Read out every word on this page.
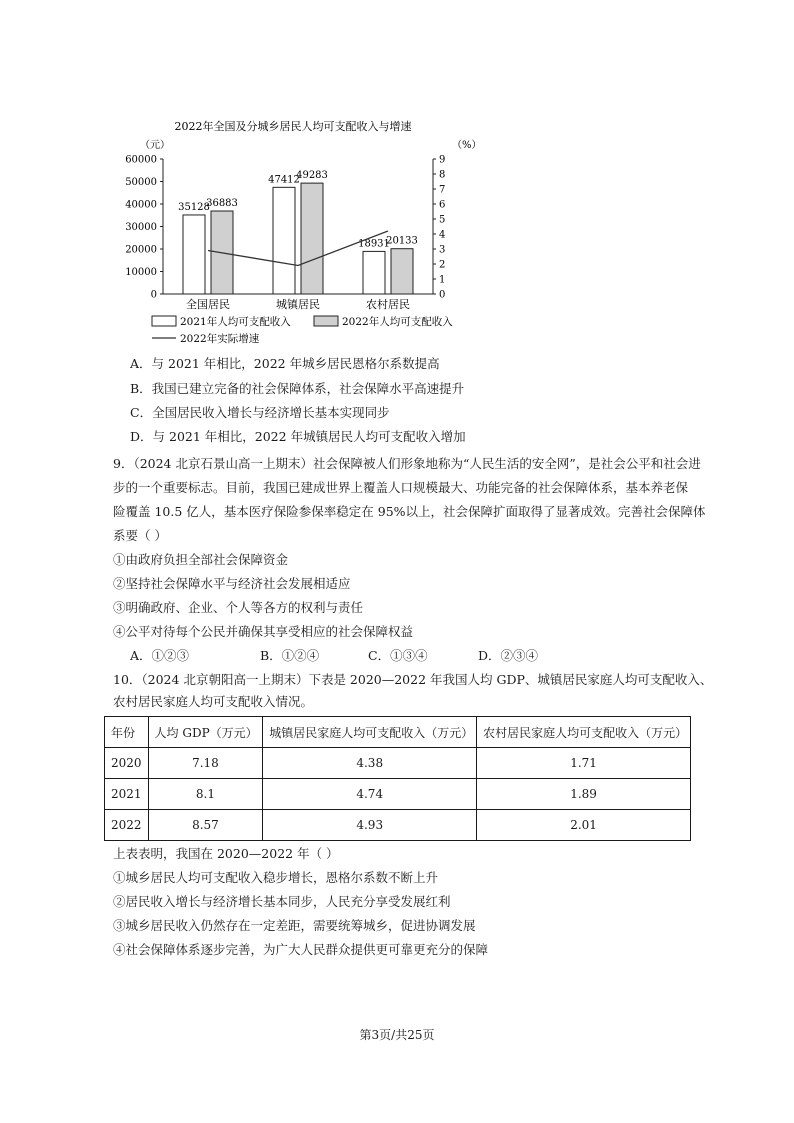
2022年全国及分城乡居民人均可支配收入与增速
（元）	（%）
0
10000
20000
30000
40000
50000
60000
0
1
2
3
4
5
6
7
8
9
35128
36883
全国居民
47412
49283
城镇居民
18931
20133
农村居民
2021年人均可支配收入	2022年人均可支配收入
2022年实际增速
A．与 2021 年相比，2022 年城乡居民恩格尔系数提高
B．我国已建立完备的社会保障体系，社会保障水平高速提升
C．全国居民收入增长与经济增长基本实现同步
D．与 2021 年相比，2022 年城镇居民人均可支配收入增加
9．（2024 北京石景山高一上期末）社会保障被人们形象地称为“人民生活的安全网”，是社会公平和社会进
步的一个重要标志。目前，我国已建成世界上覆盖人口规模最大、功能完备的社会保障体系，基本养老保
险覆盖 10.5 亿人，基本医疗保险参保率稳定在 95%以上，社会保障扩面取得了显著成效。完善社会保障体
系要（ ）
①由政府负担全部社会保障资金
②坚持社会保障水平与经济社会发展相适应
③明确政府、企业、个人等各方的权利与责任
④公平对待每个公民并确保其享受相应的社会保障权益
A．①②③	B．①②④	C．①③④	D．②③④
10．（2024 北京朝阳高一上期末）下表是 2020—2022 年我国人均 GDP、城镇居民家庭人均可支配收入、
农村居民家庭人均可支配收入情况。
年份	人均 GDP（万元）	城镇居民家庭人均可支配收入（万元）	农村居民家庭人均可支配收入（万元）
2020	7.18	4.38	1.71
2021	8.1	4.74	1.89
2022	8.57	4.93	2.01
上表表明，我国在 2020—2022 年（ ）
①城乡居民人均可支配收入稳步增长，恩格尔系数不断上升
②居民收入增长与经济增长基本同步，人民充分享受发展红利
③城乡居民收入仍然存在一定差距，需要统筹城乡，促进协调发展
④社会保障体系逐步完善，为广大人民群众提供更可靠更充分的保障
第3页/共25页
